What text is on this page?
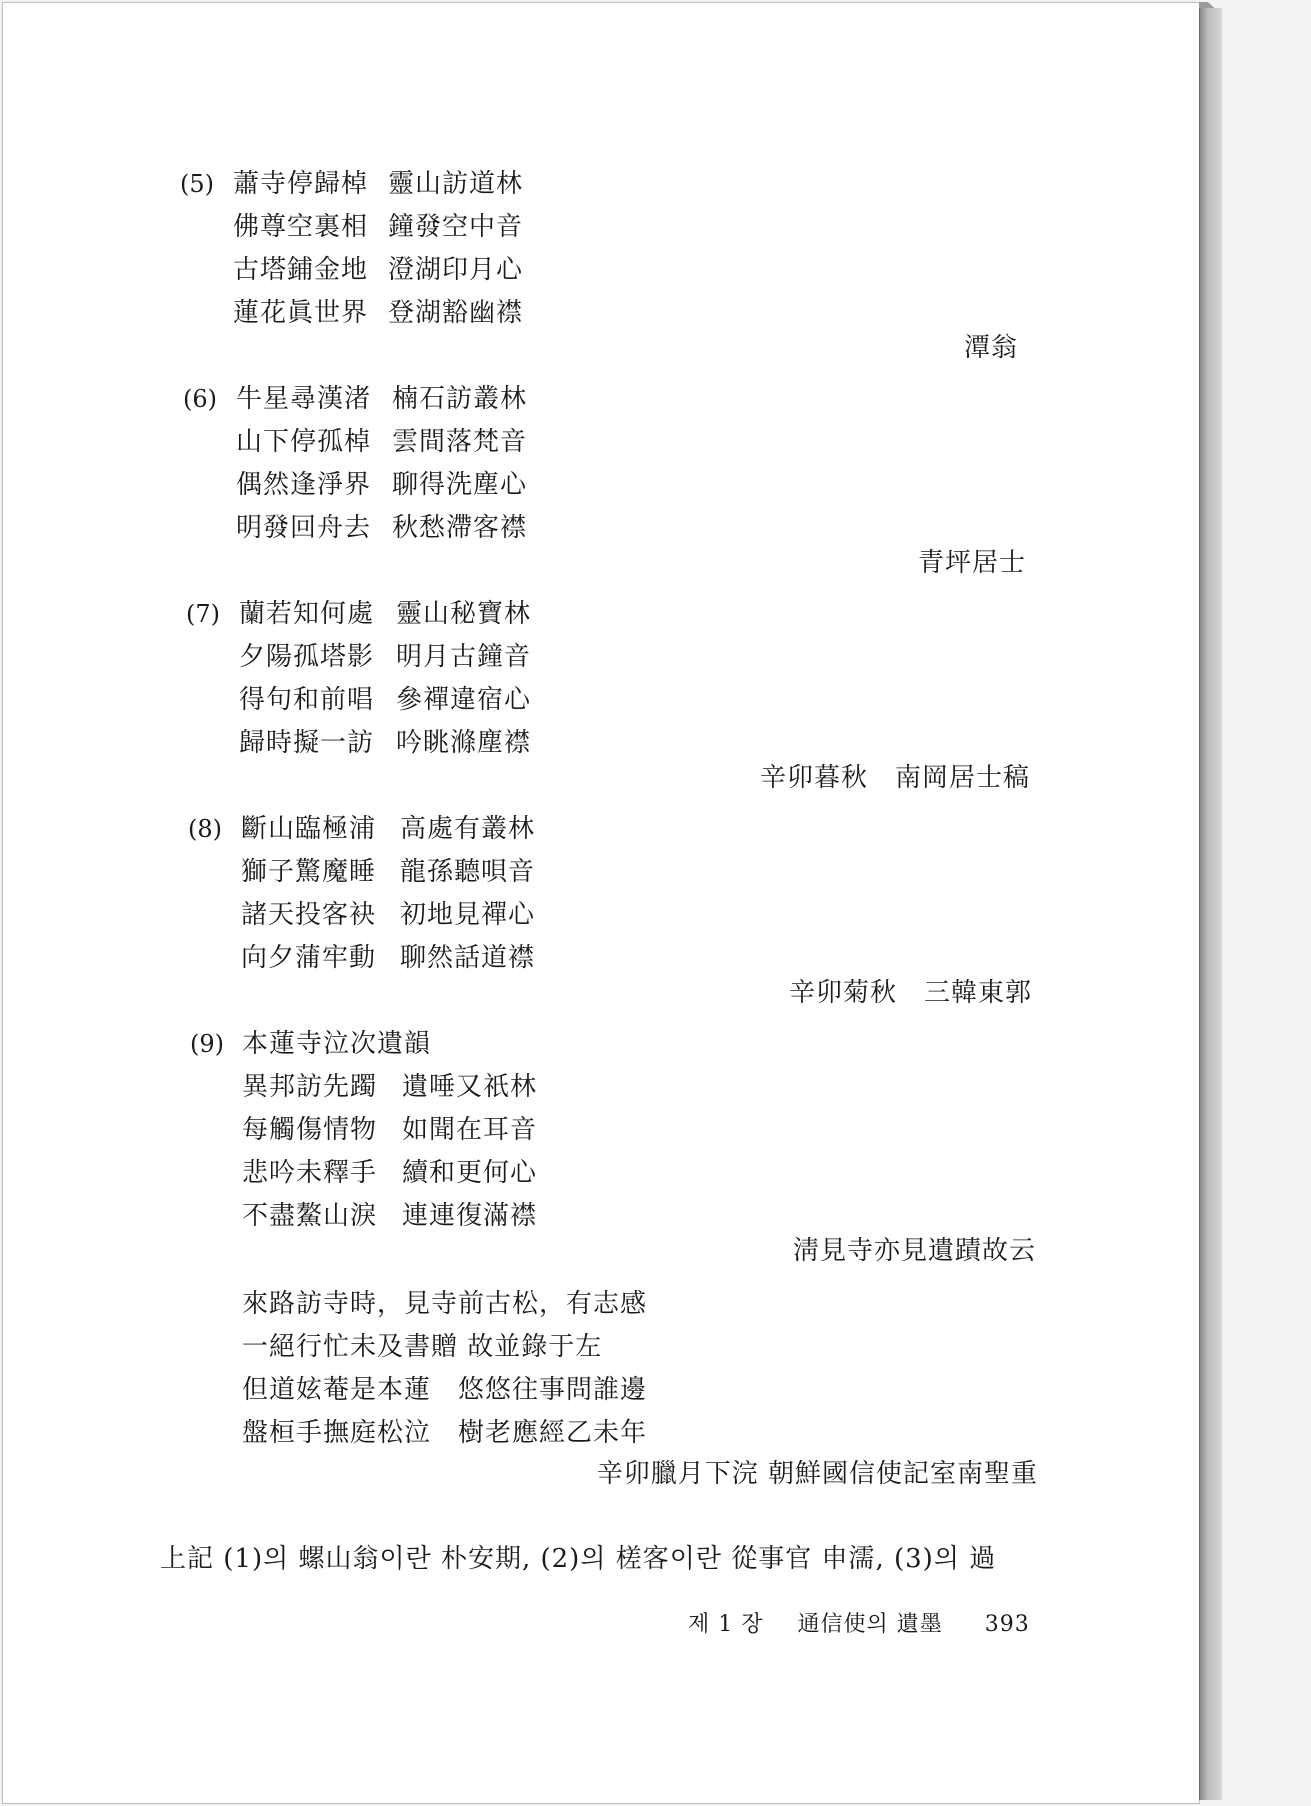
(5) 蕭寺停歸棹 靈山訪道林
佛尊空裏相 鐘發空中音
古塔鋪金地 澄湖印月心
蓮花眞世界 登湖豁幽襟
潭翁
(6) 牛星尋漢渚 楠石訪叢林
山下停孤棹 雲間落梵音
偶然逢淨界 聊得洗塵心
明發回舟去 秋愁滯客襟
青坪居士
(7) 蘭若知何處 靈山秘寶林
夕陽孤塔影 明月古鐘音
得句和前唱 參禪違宿心
歸時擬一訪 吟眺滌塵襟
辛卯暮秋　南岡居士稿
(8) 斷山臨極浦 高處有叢林
獅子驚魔睡 龍孫聽唄音
諸天投客袂 初地見禪心
向夕蒲牢動 聊然話道襟
辛卯菊秋　三韓東郭
(9) 本蓮寺泣次遺韻
異邦訪先躅 遺唾又祇林
每觸傷情物 如聞在耳音
悲吟未釋手 續和更何心
不盡鰲山淚 連連復滿襟
淸見寺亦見遺蹟故云
來路訪寺時，見寺前古松，有志感
一絕行忙未及書贈 故並錄于左
但道妶菴是本蓮　悠悠往事問誰邊
盤桓手撫庭松泣　樹老應經乙未年
辛卯臘月下浣 朝鮮國信使記室南聖重
上記 (1)의 螺山翁이란 朴安期, (2)의 槎客이란 從事官 申濡, (3)의 過
제 1 장 通信使의 遺墨 393
